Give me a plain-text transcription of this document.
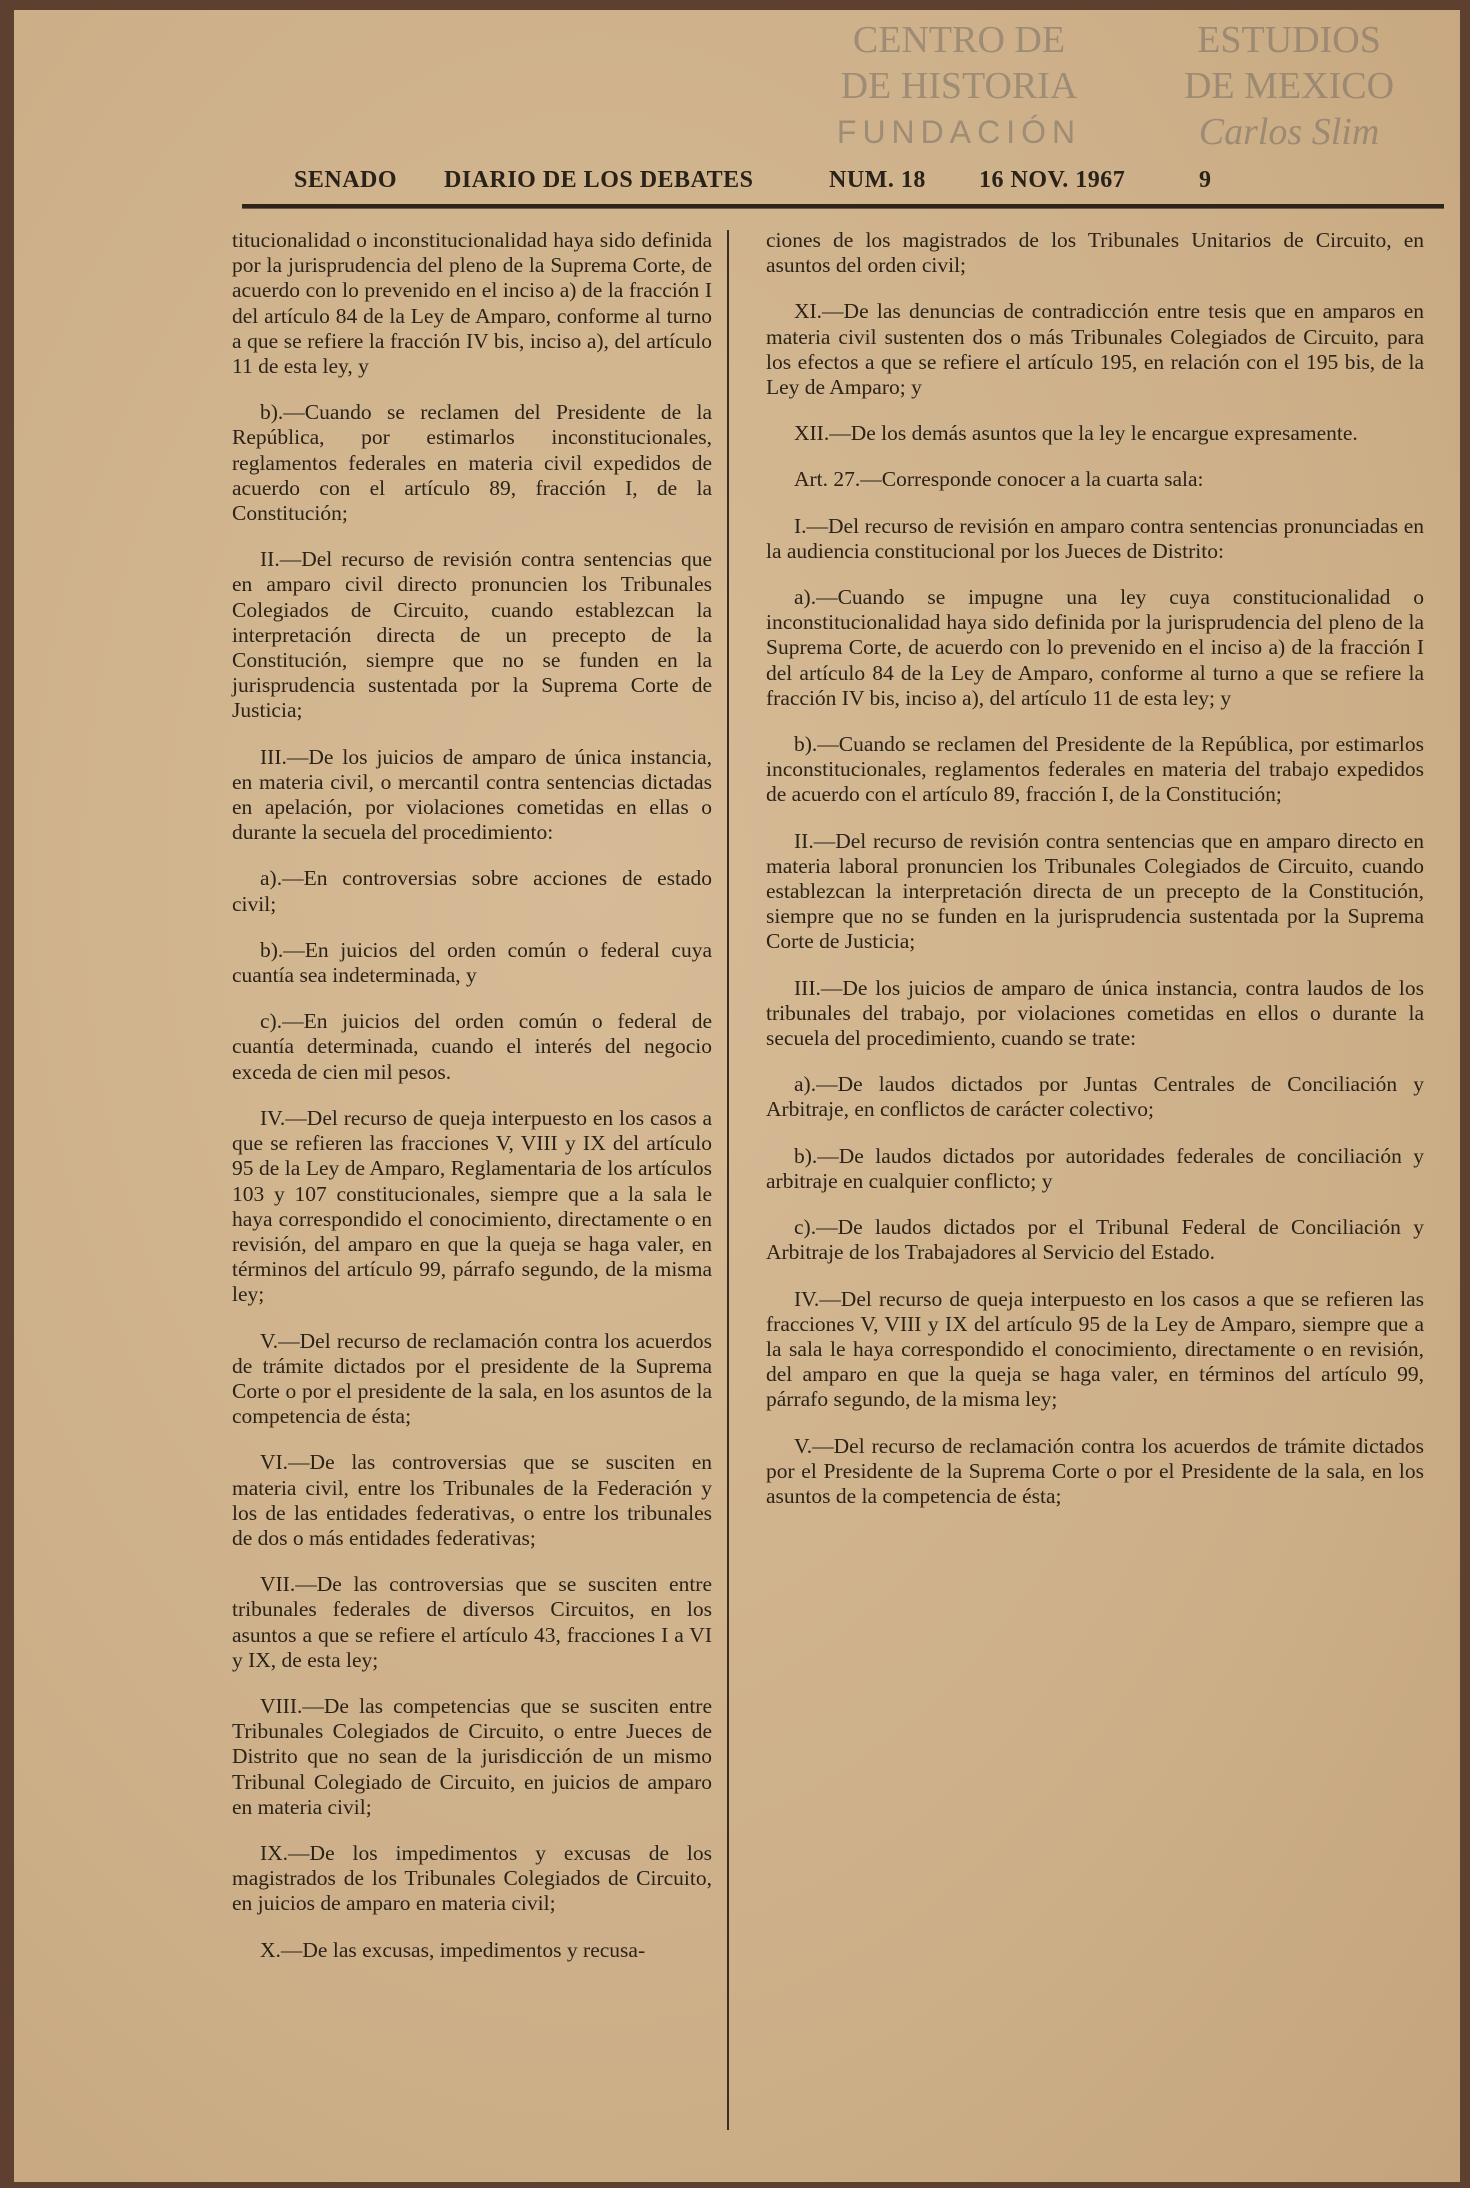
CENTRO DE	ESTUDIOS
DE HISTORIA	DE MEXICO
FUNDACIÓN	Carlos Slim
SENADO DIARIO DE LOS DEBATES	NUM. 18 16 NOV. 1967	9

titucionalidad o inconstitucionalidad haya sido definida por la jurisprudencia del pleno de la Suprema Corte, de acuerdo con lo prevenido en el inciso a) de la fracción I del artículo 84 de la Ley de Amparo, conforme al turno a que se refiere la fracción IV bis, inciso a), del artículo 11 de esta ley, y

b).—Cuando se reclamen del Presidente de la República, por estimarlos inconstitucionales, reglamentos federales en materia civil expedidos de acuerdo con el artículo 89, fracción I, de la Constitución;

II.—Del recurso de revisión contra sentencias que en amparo civil directo pronuncien los Tribunales Colegiados de Circuito, cuando establezcan la interpretación directa de un precepto de la Constitución, siempre que no se funden en la jurisprudencia sustentada por la Suprema Corte de Justicia;

III.—De los juicios de amparo de única instancia, en materia civil, o mercantil contra sentencias dictadas en apelación, por violaciones cometidas en ellas o durante la secuela del procedimiento:

a).—En controversias sobre acciones de estado civil;

b).—En juicios del orden común o federal cuya cuantía sea indeterminada, y

c).—En juicios del orden común o federal de cuantía determinada, cuando el interés del negocio exceda de cien mil pesos.

IV.—Del recurso de queja interpuesto en los casos a que se refieren las fracciones V, VIII y IX del artículo 95 de la Ley de Amparo, Reglamentaria de los artículos 103 y 107 constitucionales, siempre que a la sala le haya correspondido el conocimiento, directamente o en revisión, del amparo en que la queja se haga valer, en términos del artículo 99, párrafo segundo, de la misma ley;

V.—Del recurso de reclamación contra los acuerdos de trámite dictados por el presidente de la Suprema Corte o por el presidente de la sala, en los asuntos de la competencia de ésta;

VI.—De las controversias que se susciten en materia civil, entre los Tribunales de la Federación y los de las entidades federativas, o entre los tribunales de dos o más entidades federativas;

VII.—De las controversias que se susciten entre tribunales federales de diversos Circuitos, en los asuntos a que se refiere el artículo 43, fracciones I a VI y IX, de esta ley;

VIII.—De las competencias que se susciten entre Tribunales Colegiados de Circuito, o entre Jueces de Distrito que no sean de la jurisdicción de un mismo Tribunal Colegiado de Circuito, en juicios de amparo en materia civil;

IX.—De los impedimentos y excusas de los magistrados de los Tribunales Colegiados de Circuito, en juicios de amparo en materia civil;

X.—De las excusas, impedimentos y recusa-

ciones de los magistrados de los Tribunales Unitarios de Circuito, en asuntos del orden civil;

XI.—De las denuncias de contradicción entre tesis que en amparos en materia civil sustenten dos o más Tribunales Colegiados de Circuito, para los efectos a que se refiere el artículo 195, en relación con el 195 bis, de la Ley de Amparo; y

XII.—De los demás asuntos que la ley le encargue expresamente.

Art. 27.—Corresponde conocer a la cuarta sala:

I.—Del recurso de revisión en amparo contra sentencias pronunciadas en la audiencia constitucional por los Jueces de Distrito:

a).—Cuando se impugne una ley cuya constitucionalidad o inconstitucionalidad haya sido definida por la jurisprudencia del pleno de la Suprema Corte, de acuerdo con lo prevenido en el inciso a) de la fracción I del artículo 84 de la Ley de Amparo, conforme al turno a que se refiere la fracción IV bis, inciso a), del artículo 11 de esta ley; y

b).—Cuando se reclamen del Presidente de la República, por estimarlos inconstitucionales, reglamentos federales en materia del trabajo expedidos de acuerdo con el artículo 89, fracción I, de la Constitución;

II.—Del recurso de revisión contra sentencias que en amparo directo en materia laboral pronuncien los Tribunales Colegiados de Circuito, cuando establezcan la interpretación directa de un precepto de la Constitución, siempre que no se funden en la jurisprudencia sustentada por la Suprema Corte de Justicia;

III.—De los juicios de amparo de única instancia, contra laudos de los tribunales del trabajo, por violaciones cometidas en ellos o durante la secuela del procedimiento, cuando se trate:

a).—De laudos dictados por Juntas Centrales de Conciliación y Arbitraje, en conflictos de carácter colectivo;

b).—De laudos dictados por autoridades federales de conciliación y arbitraje en cualquier conflicto; y

c).—De laudos dictados por el Tribunal Federal de Conciliación y Arbitraje de los Trabajadores al Servicio del Estado.

IV.—Del recurso de queja interpuesto en los casos a que se refieren las fracciones V, VIII y IX del artículo 95 de la Ley de Amparo, siempre que a la sala le haya correspondido el conocimiento, directamente o en revisión, del amparo en que la queja se haga valer, en términos del artículo 99, párrafo segundo, de la misma ley;

V.—Del recurso de reclamación contra los acuerdos de trámite dictados por el Presidente de la Suprema Corte o por el Presidente de la sala, en los asuntos de la competencia de ésta;
